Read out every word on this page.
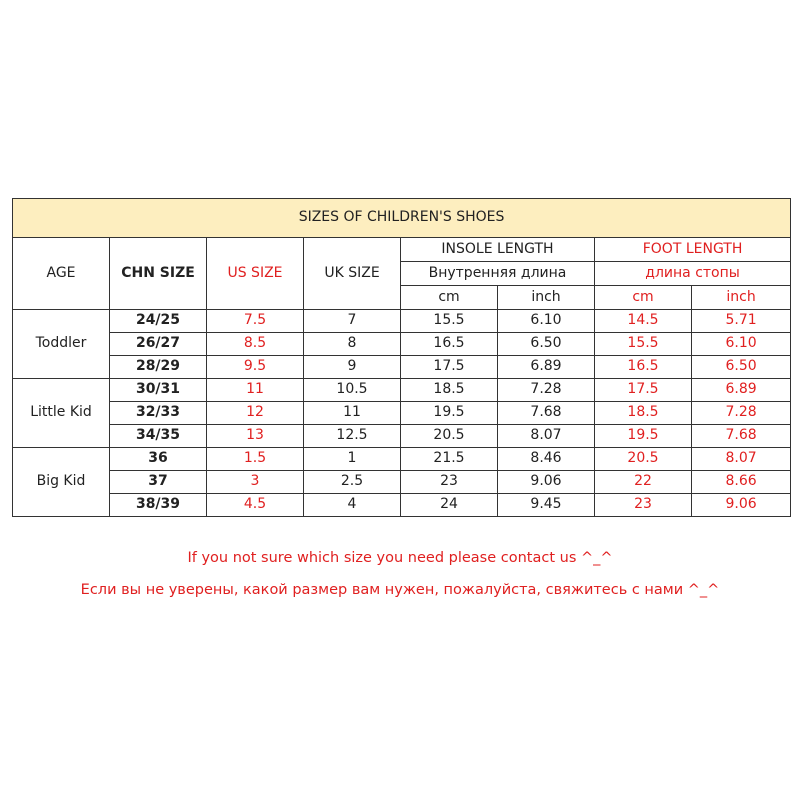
SIZES OF CHILDREN'S SHOES							
AGE	CHN SIZE	US SIZE	UK SIZE	INSOLE LENGTH		FOOT LENGTH	
				Внутренняя длина		длина стопы	
				cm	inch	cm	inch
Toddler	24/25	7.5	7	15.5	6.10	14.5	5.71
	26/27	8.5	8	16.5	6.50	15.5	6.10
	28/29	9.5	9	17.5	6.89	16.5	6.50
Little Kid	30/31	11	10.5	18.5	7.28	17.5	6.89
	32/33	12	11	19.5	7.68	18.5	7.28
	34/35	13	12.5	20.5	8.07	19.5	7.68
Big Kid	36	1.5	1	21.5	8.46	20.5	8.07
	37	3	2.5	23	9.06	22	8.66
	38/39	4.5	4	24	9.45	23	9.06
If you not sure which size you need please contact us ^_^
Если вы не уверены, какой размер вам нужен, пожалуйста, свяжитесь с нами ^_^
